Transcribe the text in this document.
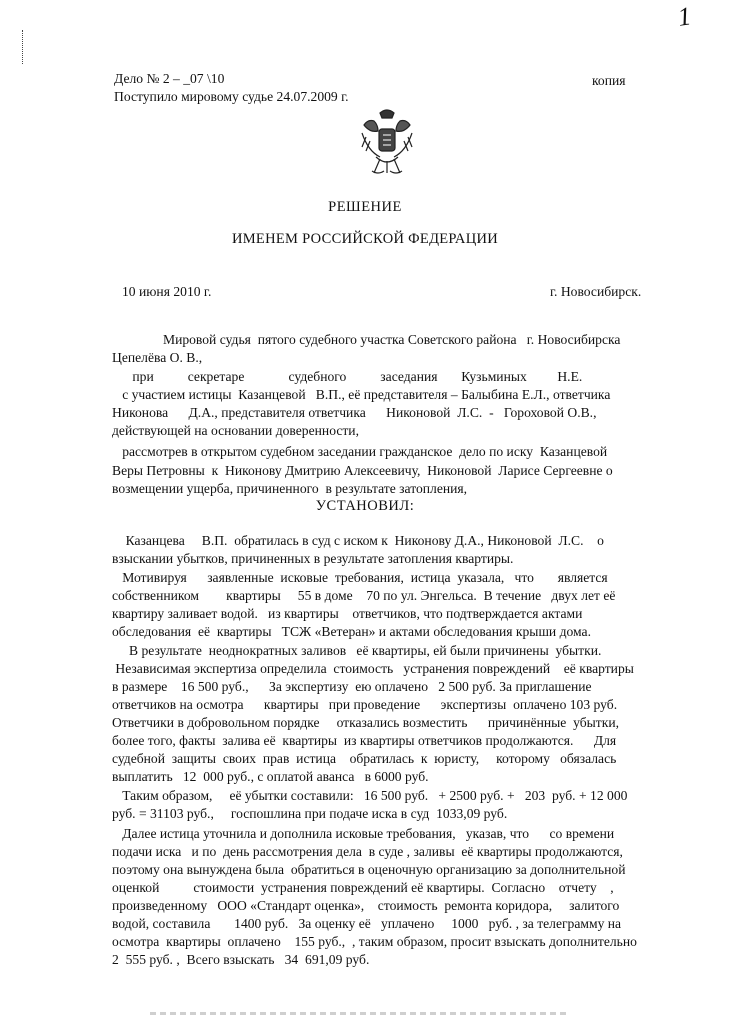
1
Дело № 2 – _07 \10
Поступило мировому судье 24.07.2009 г.
копия
РЕШЕНИЕ
ИМЕНЕМ РОССИЙСКОЙ ФЕДЕРАЦИИ
10 июня 2010 г.	г. Новосибирск.
Мировой судья  пятого судебного участка Советского района   г. Новосибирска
Цепелёва О. В.,
при          секретаре             судебного          заседания       Кузьминых         Н.Е.
с участием истицы  Казанцевой   В.П., её представителя – Балыбина Е.Л., ответчика
Никонова      Д.А., представителя ответчика      Никоновой  Л.С.  -   Гороховой О.В.,
действующей на основании доверенности,
рассмотрев в открытом судебном заседании гражданское  дело по иску  Казанцевой
Веры Петровны  к  Никонову Дмитрию Алексеевичу,  Никоновой  Ларисе Сергеевне о
возмещении ущерба, причиненного  в результате затопления,
УСТАНОВИЛ:
Казанцева     В.П.  обратилась в суд с иском к  Никонову Д.А., Никоновой  Л.С.    о
взыскании убытков, причиненных в результате затопления квартиры.
Мотивируя      заявленные  исковые  требования,  истица  указала,   что       является
собственником        квартиры     55 в доме    70 по ул. Энгельса.  В течение   двух лет её
квартиру заливает водой.   из квартиры    ответчиков, что подтверждается актами
обследования  её  квартиры   ТСЖ «Ветеран» и актами обследования крыши дома.
В результате  неоднократных заливов   её квартиры, ей были причинены  убытки.
Независимая экспертиза определила  стоимость   устранения повреждений    её квартиры
в размере    16 500 руб.,      За экспертизу  ею оплачено   2 500 руб. За приглашение
ответчиков на осмотра      квартиры   при проведение      экспертизы  оплачено 103 руб.
Ответчики в добровольном порядке     отказались возместить      причинённые  убытки,
более того, факты  залива её  квартиры  из квартиры ответчиков продолжаются.      Для
судебной  защиты  своих  прав  истица    обратилась  к  юристу,     которому   обязалась
выплатить   12  000 руб., с оплатой аванса   в 6000 руб.
Таким образом,     её убытки составили:   16 500 руб.   + 2500 руб. +   203  руб. + 12 000
руб. = 31103 руб.,     госпошлина при подаче иска в суд  1033,09 руб.
Далее истица уточнила и дополнила исковые требования,   указав, что      со времени
подачи иска   и по  день рассмотрения дела  в суде , заливы  её квартиры продолжаются,
поэтому она вынуждена была  обратиться в оценочную организацию за дополнительной
оценкой          стоимости  устранения повреждений её квартиры.  Согласно    отчету    ,
произведенному   ООО «Стандарт оценка»,    стоимость  ремонта коридора,     залитого
водой, составила       1400 руб.   За оценку её   уплачено     1000   руб. , за телеграмму на
осмотра  квартиры  оплачено    155 руб.,  , таким образом, просит взыскать дополнительно
2  555 руб. ,  Всего взыскать   34  691,09 руб.
